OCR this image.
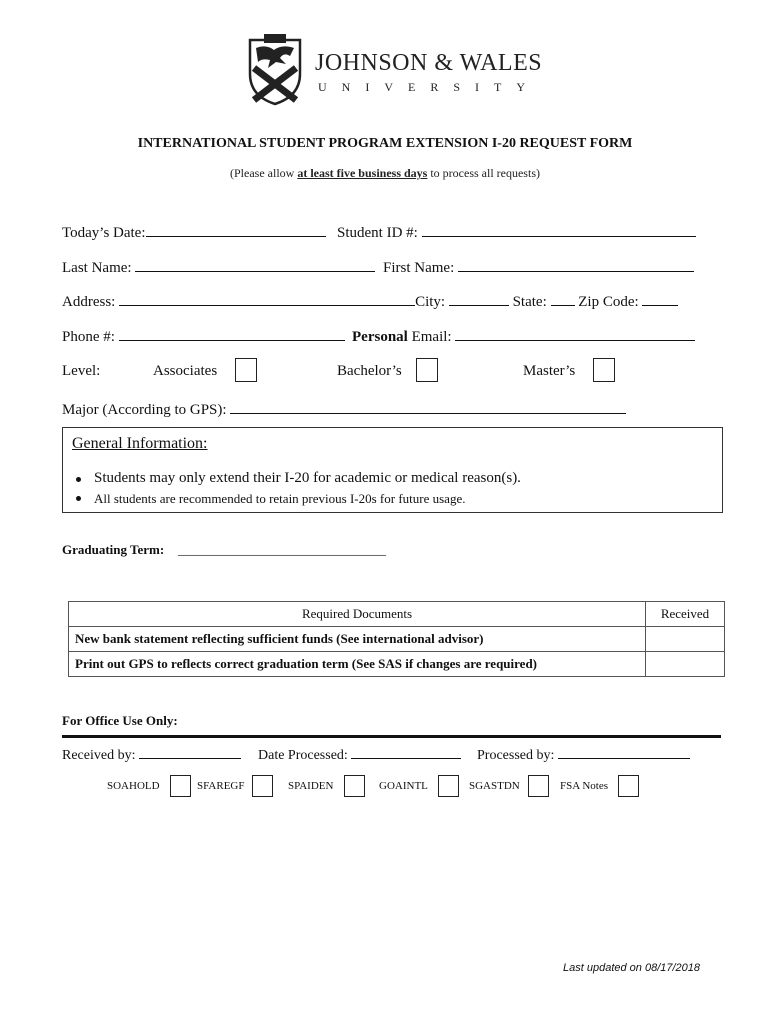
JOHNSON & WALES
UNIVERSITY
INTERNATIONAL STUDENT PROGRAM EXTENSION I-20 REQUEST FORM
(Please allow at least five business days to process all requests)
Today’s Date:	Student ID #:
Last Name:	First Name:
Address:	City:	State: Zip Code:
Phone #:	Personal Email:
Level:	Associates	Bachelor’s	Master’s
Major (According to GPS):
General Information:
Students may only extend their I-20 for academic or medical reason(s).
All students are recommended to retain previous I-20s for future usage.
Graduating Term: ________________________________
Required Documents	Received
New bank statement reflecting sufficient funds (See international advisor)	
Print out GPS to reflects correct graduation term (See SAS if changes are required)	
For Office Use Only:
Received by:	Date Processed:	Processed by:
SOAHOLD	SFAREGF	SPAIDEN	GOAINTL	SGASTDN	FSA Notes
Last updated on 08/17/2018
